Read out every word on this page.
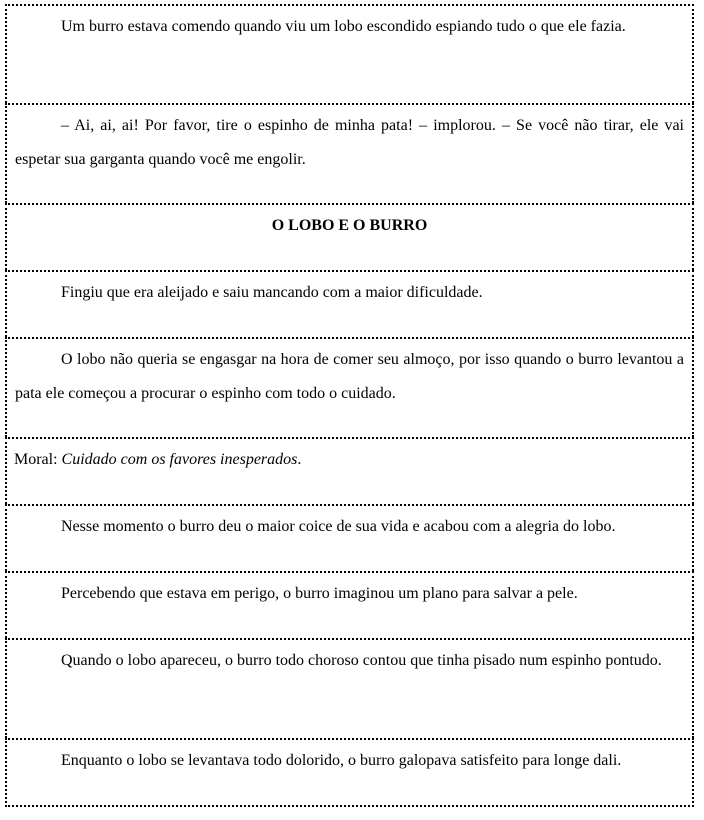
Um burro estava comendo quando viu um lobo escondido espiando tudo o que ele fazia.

– Ai, ai, ai! Por favor, tire o espinho de minha pata! – implorou. – Se você não tirar, ele vai espetar sua garganta quando você me engolir.

O LOBO E O BURRO

Fingiu que era aleijado e saiu mancando com a maior dificuldade.

O lobo não queria se engasgar na hora de comer seu almoço, por isso quando o burro levantou a pata ele começou a procurar o espinho com todo o cuidado.

Moral: Cuidado com os favores inesperados.

Nesse momento o burro deu o maior coice de sua vida e acabou com a alegria do lobo.

Percebendo que estava em perigo, o burro imaginou um plano para salvar a pele.

Quando o lobo apareceu, o burro todo choroso contou que tinha pisado num espinho pontudo.

Enquanto o lobo se levantava todo dolorido, o burro galopava satisfeito para longe dali.
